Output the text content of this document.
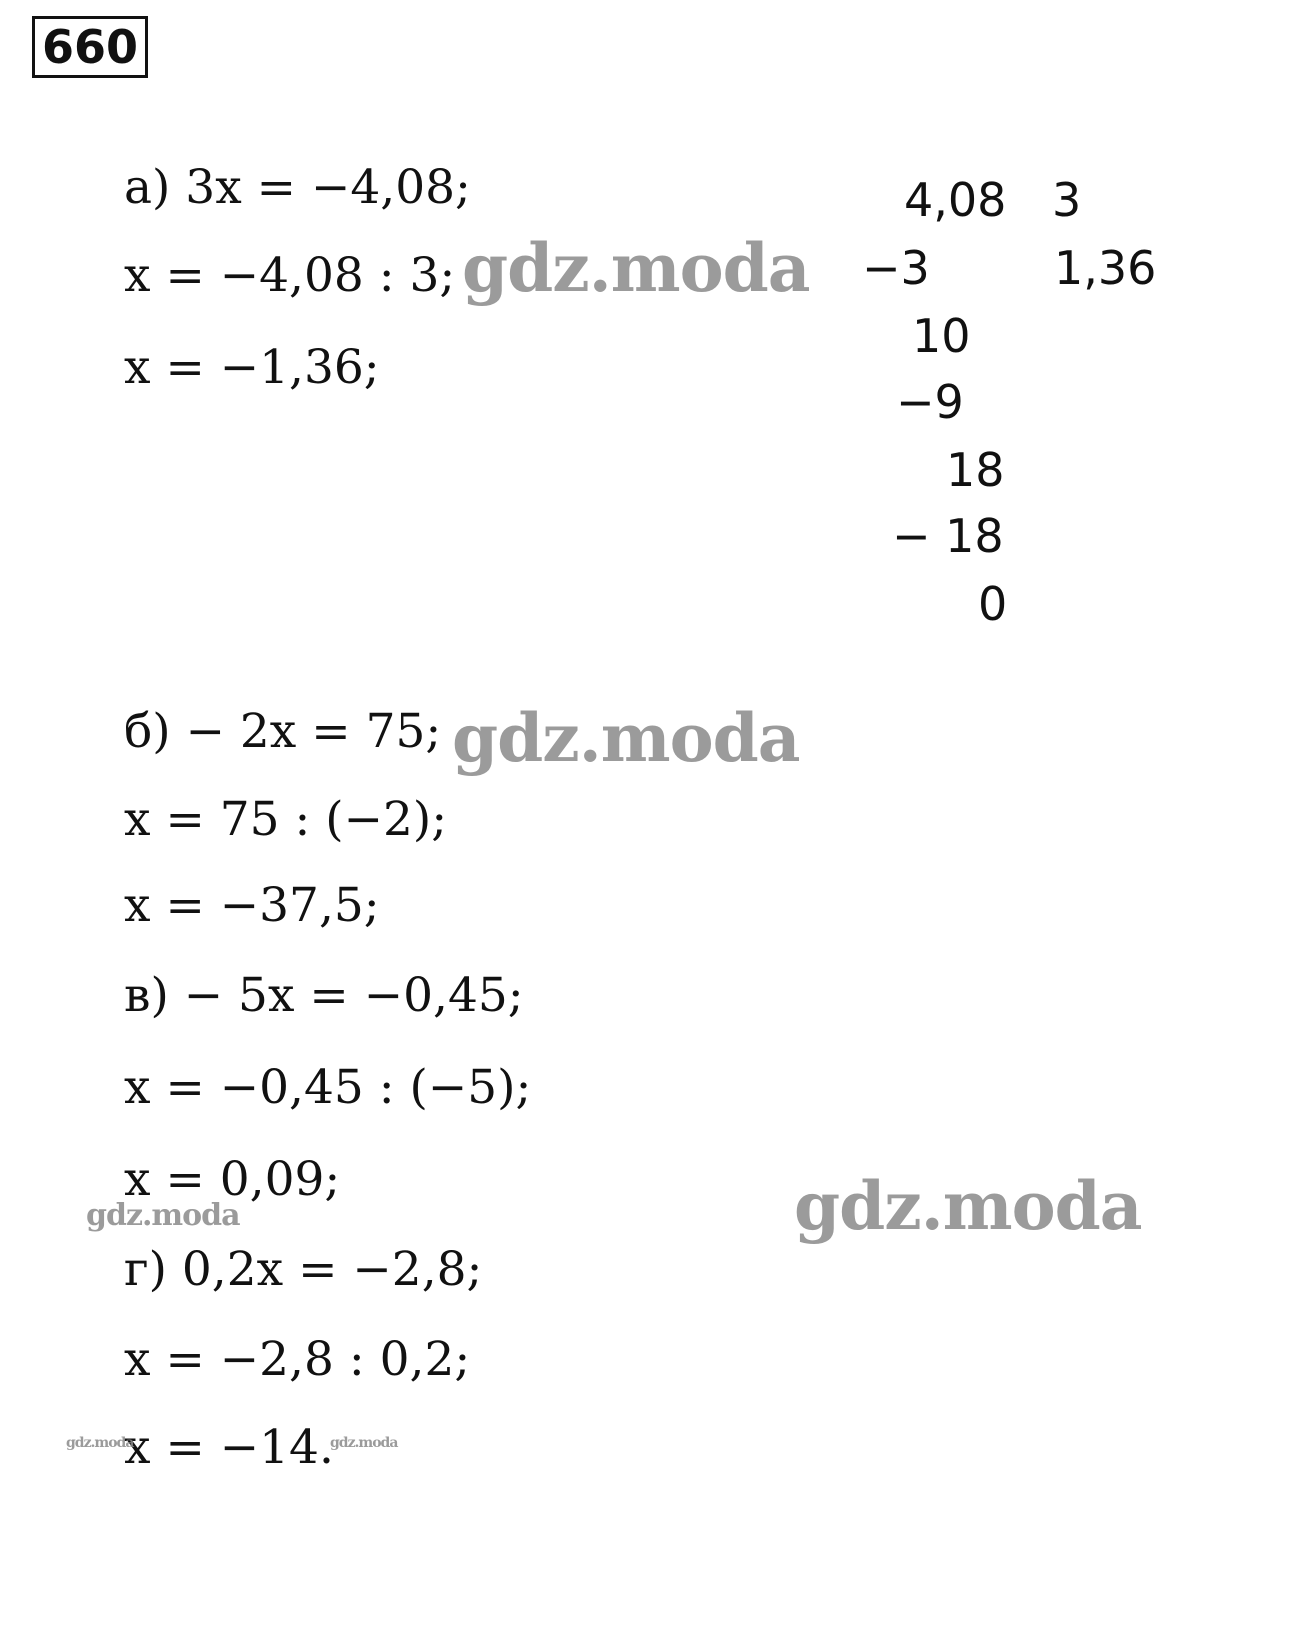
660
а) 3x = −4,08;
x = −4,08 : 3;
x = −1,36;
4,08 3
1,36
−3
10
−9
18
− 18
0
б) − 2x = 75;
x = 75 : (−2);
x = −37,5;
в) − 5x = −0,45;
x = −0,45 : (−5);
x = 0,09;
г) 0,2x = −2,8;
x = −2,8 : 0,2;
x = −14.
gdz.moda
gdz.moda
gdz.moda
gdz.moda
gdz.moda	gdz.moda
